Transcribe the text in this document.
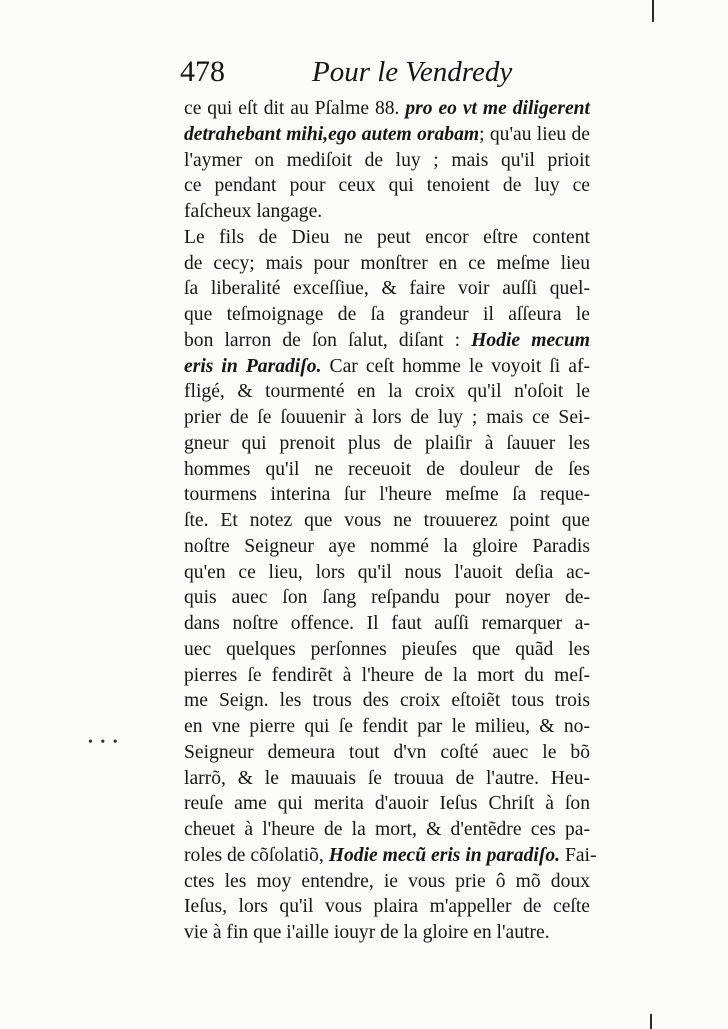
478	Pour le Vendredy
ce qui eſt dit au Pſalme 88. pro eo vt me diligerent
detrahebant mihi,ego autem orabam; qu'au lieu de
l'aymer on mediſoit de luy ; mais qu'il prioit
ce pendant pour ceux qui tenoient de luy ce
faſcheux langage.
Le fils de Dieu ne peut encor eſtre content
de cecy; mais pour monſtrer en ce meſme lieu
ſa liberalité exceſſiue, & faire voir auſſi quel-
que teſmoignage de ſa grandeur il aſſeura le
bon larron de ſon ſalut, diſant : Hodie mecum
eris in Paradiſo. Car ceſt homme le voyoit ſi af-
fligé, & tourmenté en la croix qu'il n'oſoit le
prier de ſe ſouuenir à lors de luy ; mais ce Sei-
gneur qui prenoit plus de plaiſir à ſauuer les
hommes qu'il ne receuoit de douleur de ſes
tourmens interina ſur l'heure meſme ſa reque-
ſte. Et notez que vous ne trouuerez point que
noſtre Seigneur aye nommé la gloire Paradis
qu'en ce lieu, lors qu'il nous l'auoit deſia ac-
quis auec ſon ſang reſpandu pour noyer de-
dans noſtre offence. Il faut auſſi remarquer a-
uec quelques perſonnes pieuſes que quãd les
pierres ſe fendirẽt à l'heure de la mort du meſ-
me Seign. les trous des croix eſtoiẽt tous trois
en vne pierre qui ſe fendit par le milieu, & no-
Seigneur demeura tout d'vn coſté auec le bõ
larrõ, & le mauuais ſe trouua de l'autre. Heu-
reuſe ame qui merita d'auoir Ieſus Chriſt à ſon
cheuet à l'heure de la mort, & d'entẽdre ces pa-
roles de cõſolatiõ, Hodie mecũ eris in paradiſo. Fai-
ctes les moy entendre, ie vous prie ô mõ doux
Ieſus, lors qu'il vous plaira m'appeller de ceſte
vie à fin que i'aille iouyr de la gloire en l'autre.
• • •
